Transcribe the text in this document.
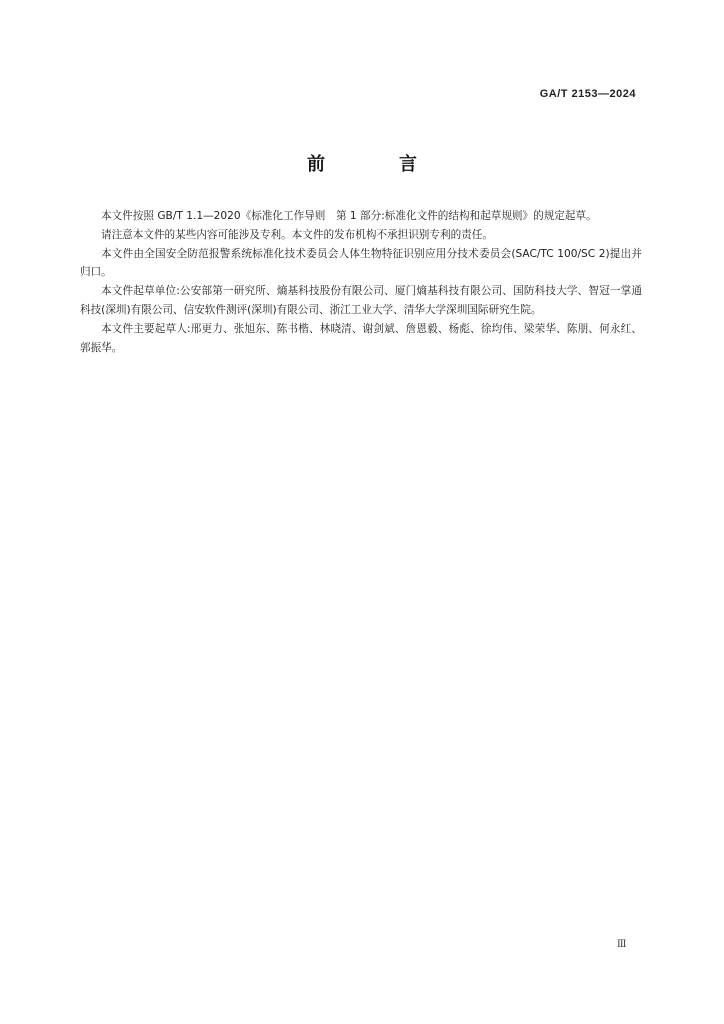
GA/T 2153—2024
前　言

本文件按照 GB/T 1.1—2020《标准化工作导则　第 1 部分:标准化文件的结构和起草规则》的规定起草。

请注意本文件的某些内容可能涉及专利。本文件的发布机构不承担识别专利的责任。

本文件由全国安全防范报警系统标准化技术委员会人体生物特征识别应用分技术委员会(SAC/TC 100/SC 2)提出并归口。

本文件起草单位:公安部第一研究所、熵基科技股份有限公司、厦门熵基科技有限公司、国防科技大学、智冠一掌通科技(深圳)有限公司、信安软件测评(深圳)有限公司、浙江工业大学、清华大学深圳国际研究生院。

本文件主要起草人:邢更力、张旭东、陈书楷、林晓清、谢剑斌、詹恩毅、杨彪、徐均伟、梁荣华、陈朋、何永红、郭振华。

Ⅲ
